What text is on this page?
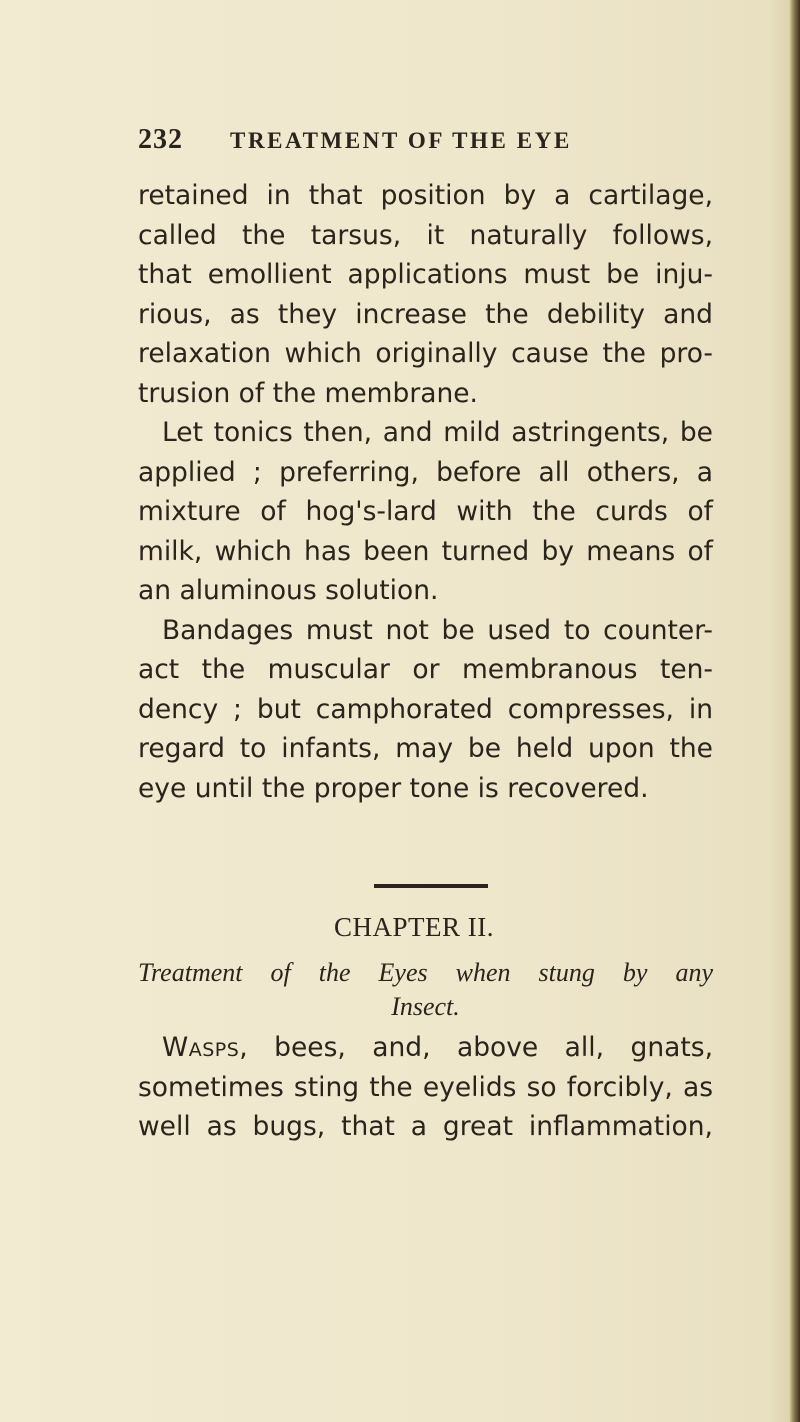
232 TREATMENT OF THE EYE
retained in that position by a cartilage,
called the tarsus, it naturally follows,
that emollient applications must be inju-
rious, as they increase the debility and
relaxation which originally cause the pro-
trusion of the membrane.
Let tonics then, and mild astringents, be
applied ; preferring, before all others, a
mixture of hog's-lard with the curds of
milk, which has been turned by means of
an aluminous solution.
Bandages must not be used to counter-
act the muscular or membranous ten-
dency ; but camphorated compresses, in
regard to infants, may be held upon the
eye until the proper tone is recovered.
CHAPTER II.
Treatment of the Eyes when stung by any
Insect.
Wasps, bees, and, above all, gnats,
sometimes sting the eyelids so forcibly, as
well as bugs, that a great inflammation,
